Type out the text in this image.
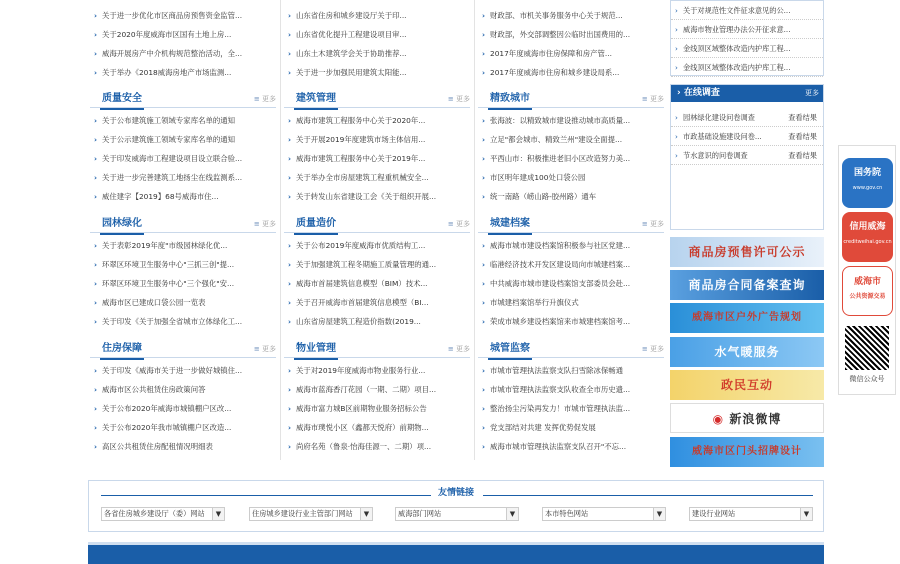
› 关于进一步优化市区商品房预售资金监管...
› 关于2020年度威海市区国有土地上房...
› 威海开展房产中介机构规范整治活动，全...
› 关于举办《2018威海房地产市场监测...
› 山东省住房和城乡建设厅关于印...
› 山东省优化提升工程建设项目审...
› 山东土木建筑学会关于协助推荐...
› 关于进一步加强民用建筑太阳能...
› 财政部、市机关事务服务中心关于规范...
› 财政部，外交部调整因公临时出国费用的...
› 2017年度威海市住房保障和房产管...
› 2017年度威海市住房和城乡建设局系...
质量安全	≡ 更多
› 关于公布建筑施工领域专家库名单的通知
› 关于公示建筑施工领域专家库名单的通知
› 关于印发威海市工程建设项目设立联合验...
› 关于进一步完善建筑工地扬尘在线监测系...
› 威住建字【2019】68号威海市住...
建筑管理	≡ 更多
› 威海市建筑工程服务中心关于2020年...
› 关于开展2019年度建筑市场主体信用...
› 威海市建筑工程服务中心关于2019年...
› 关于举办全市房屋建筑工程重机械安全...
› 关于转发山东省建设工会《关于组织开展...
精致城市	≡ 更多
› 张海波：以精致城市建设推动城市高质量...
› 立足"都会城市、精致兰州"建设全面提...
› 平西山市：积极推进老旧小区改造努力美...
› 市区明年建成100处口袋公园
› 统一南路（崂山路-胶州路）通车
园林绿化	≡ 更多
› 关于表彰2019年度"市级园林绿化优...
› 环翠区环境卫生服务中心"三抓三创"提...
› 环翠区环境卫生服务中心"三个强化"安...
› 威海市区已建成口袋公园一览表
› 关于印发《关于加强全省城市立体绿化工...
质量造价	≡ 更多
› 关于公布2019年度威海市优质结构工...
› 关于加强建筑工程冬期施工质量管理的通...
› 威海市首届建筑信息模型（BIM）技术...
› 关于召开威海市首届建筑信息模型（BI...
› 山东省房屋建筑工程造价指数(2019...
城建档案	≡ 更多
› 威海市城市建设档案馆积极参与社区党建...
› 临港经济技术开发区建设局向市城建档案...
› 中共威海市城市建设档案馆支部委员会赴...
› 市城建档案馆举行升旗仪式
› 荣成市城乡建设档案馆来市城建档案馆考...
住房保障	≡ 更多
› 关于印发《威海市关于进一步做好城镇住...
› 威海市区公共租赁住房政策问答
› 关于公布2020年威海市城镇棚户区改...
› 关于公布2020年我市城镇棚户区改造...
› 高区公共租赁住房配租情况明细表
物业管理	≡ 更多
› 关于对2019年度威海市物业服务行业...
› 威海市蓝海香汀花园（一期、二期）项目...
› 威海市富力城B区前期物业服务招标公告
› 威海市璞悦小区（鑫都天悦府）前期物...
› 尚府名苑（鲁泉·怡海佳源一、二期）项...
城管监察	≡ 更多
› 市城市管理执法监察支队扫雪除冰保畅通
› 市城市管理执法监察支队收查全市历史遗...
› 整治扬尘污染再发力！市城市管理执法监...
› 党支部结对共建 发挥优势促发展
› 威海市城市管理执法监察支队召开"不忘...
› 关于对规范性文件征求意见的公...
› 威海市物业管理办法公开征求意...
› 金线顶区域整体改造内护库工程...
› 金线顶区域整体改造内护库工程...
› 在线调查	更多
› 园林绿化建设问卷调查	查看结果
› 市政基础设施建设问卷...	查看结果
› 节水意识的问卷调查	查看结果
商品房预售许可公示
商品房合同备案查询
威海市区户外广告规划
水气暖服务
政民互动
◉ 新浪微博
威海市区门头招牌设计
友情链接
各省住房城乡建设厅（委）网站	▼	住房城乡建设行业主管部门网站	▼	威海部门网站	▼	本市特色网站	▼	建设行业网站	▼
国务院
www.gov.cn
信用威海
creditweihai.gov.cn
威海市
公共资源交易
微信公众号
